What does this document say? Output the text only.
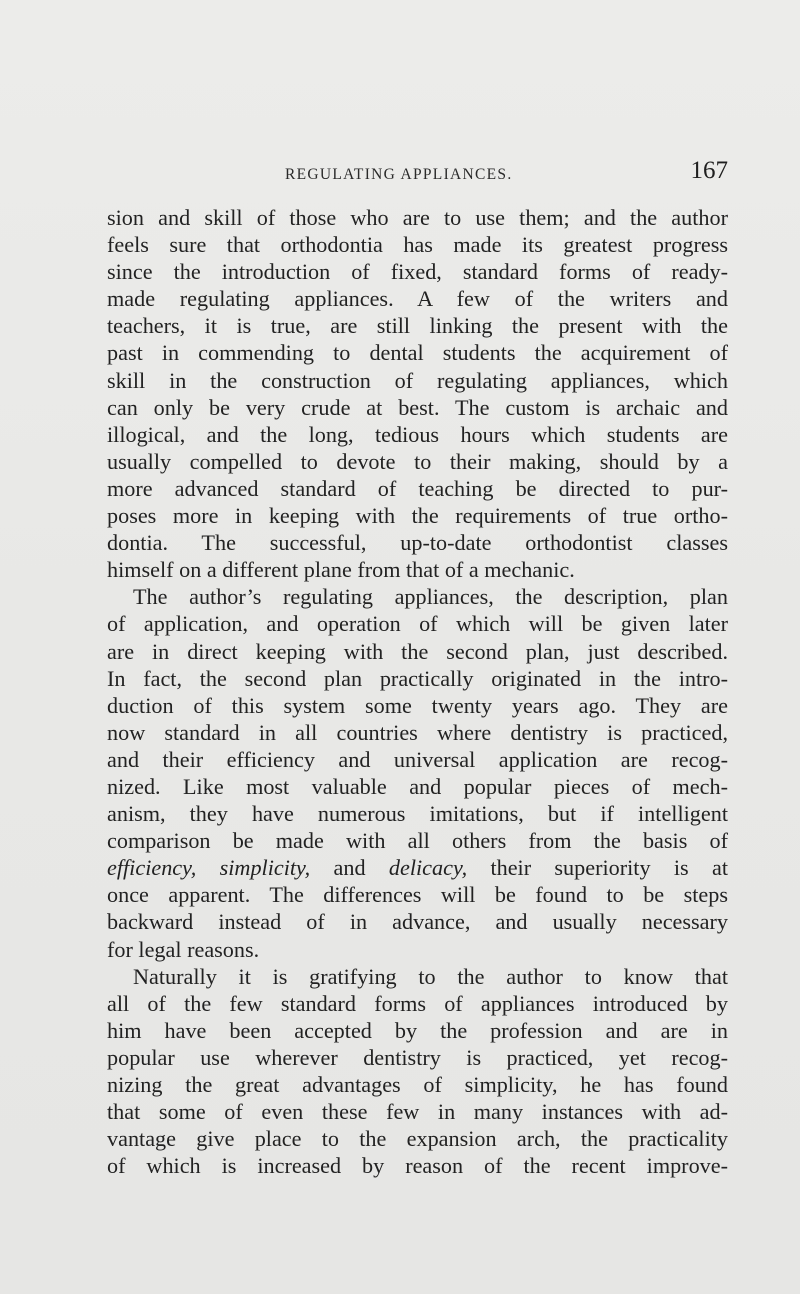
REGULATING APPLIANCES.	167
sion and skill of those who are to use them; and the author
feels sure that orthodontia has made its greatest progress
since the introduction of fixed, standard forms of ready-
made regulating appliances. A few of the writers and
teachers, it is true, are still linking the present with the
past in commending to dental students the acquirement of
skill in the construction of regulating appliances, which
can only be very crude at best. The custom is archaic and
illogical, and the long, tedious hours which students are
usually compelled to devote to their making, should by a
more advanced standard of teaching be directed to pur-
poses more in keeping with the requirements of true ortho-
dontia. The successful, up-to-date orthodontist classes
himself on a different plane from that of a mechanic.
The author’s regulating appliances, the description, plan
of application, and operation of which will be given later
are in direct keeping with the second plan, just described.
In fact, the second plan practically originated in the intro-
duction of this system some twenty years ago. They are
now standard in all countries where dentistry is practiced,
and their efficiency and universal application are recog-
nized. Like most valuable and popular pieces of mech-
anism, they have numerous imitations, but if intelligent
comparison be made with all others from the basis of
efficiency, simplicity, and delicacy, their superiority is at
once apparent. The differences will be found to be steps
backward instead of in advance, and usually necessary
for legal reasons.
Naturally it is gratifying to the author to know that
all of the few standard forms of appliances introduced by
him have been accepted by the profession and are in
popular use wherever dentistry is practiced, yet recog-
nizing the great advantages of simplicity, he has found
that some of even these few in many instances with ad-
vantage give place to the expansion arch, the practicality
of which is increased by reason of the recent improve-
